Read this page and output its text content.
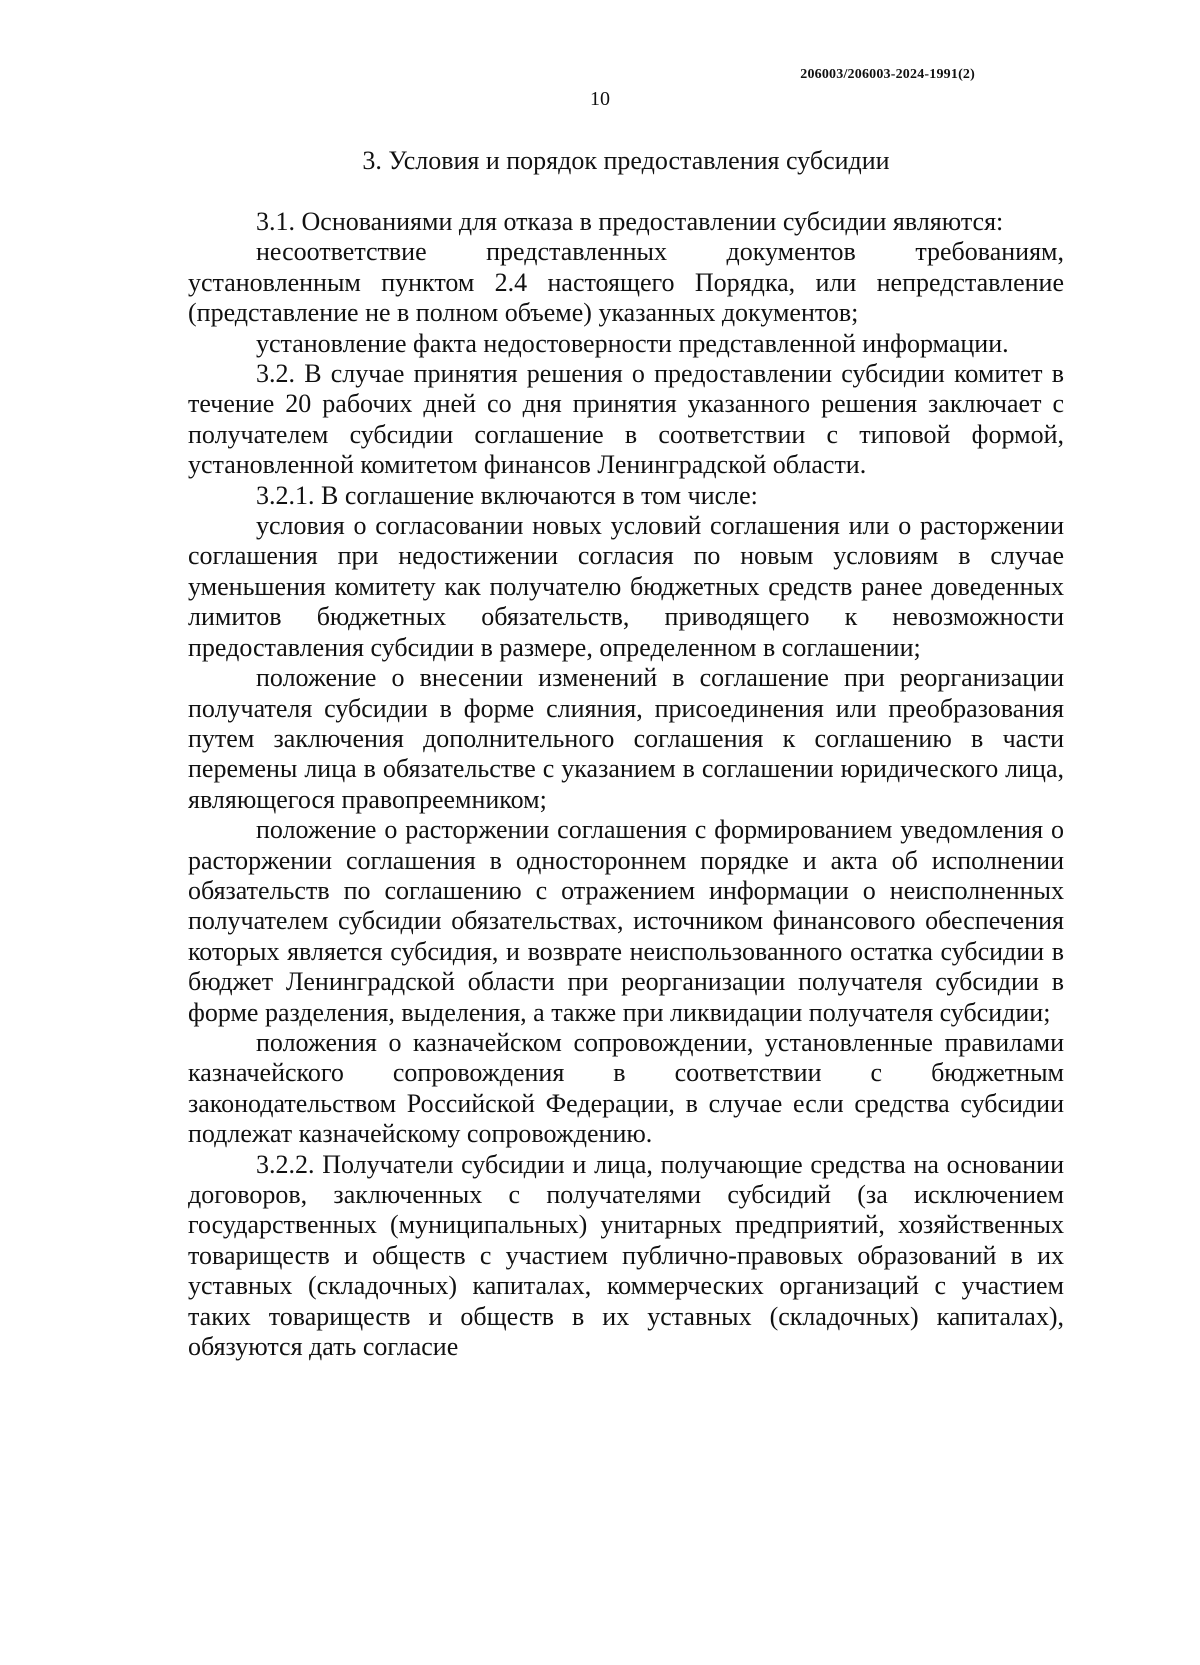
206003/206003-2024-1991(2)
10
3. Условия и порядок предоставления субсидии

3.1. Основаниями для отказа в предоставлении субсидии являются:

несоответствие представленных документов требованиям, установленным пунктом 2.4 настоящего Порядка, или непредставление (представление не в полном объеме) указанных документов;

установление факта недостоверности представленной информации.

3.2. В случае принятия решения о предоставлении субсидии комитет в течение 20 рабочих дней со дня принятия указанного решения заключает с получателем субсидии соглашение в соответствии с типовой формой, установленной комитетом финансов Ленинградской области.

3.2.1. В соглашение включаются в том числе:

условия о согласовании новых условий соглашения или о расторжении соглашения при недостижении согласия по новым условиям в случае уменьшения комитету как получателю бюджетных средств ранее доведенных лимитов бюджетных обязательств, приводящего к невозможности предоставления субсидии в размере, определенном в соглашении;

положение о внесении изменений в соглашение при реорганизации получателя субсидии в форме слияния, присоединения или преобразования путем заключения дополнительного соглашения к соглашению в части перемены лица в обязательстве с указанием в соглашении юридического лица, являющегося правопреемником;

положение о расторжении соглашения с формированием уведомления о расторжении соглашения в одностороннем порядке и акта об исполнении обязательств по соглашению с отражением информации о неисполненных получателем субсидии обязательствах, источником финансового обеспечения которых является субсидия, и возврате неиспользованного остатка субсидии в бюджет Ленинградской области при реорганизации получателя субсидии в форме разделения, выделения, а также при ликвидации получателя субсидии;

положения о казначейском сопровождении, установленные правилами казначейского сопровождения в соответствии с бюджетным законодательством Российской Федерации, в случае если средства субсидии подлежат казначейскому сопровождению.

3.2.2. Получатели субсидии и лица, получающие средства на основании договоров, заключенных с получателями субсидий (за исключением государственных (муниципальных) унитарных предприятий, хозяйственных товариществ и обществ с участием публично-правовых образований в их уставных (складочных) капиталах, коммерческих организаций с участием таких товариществ и обществ в их уставных (складочных) капиталах), обязуются дать согласие
